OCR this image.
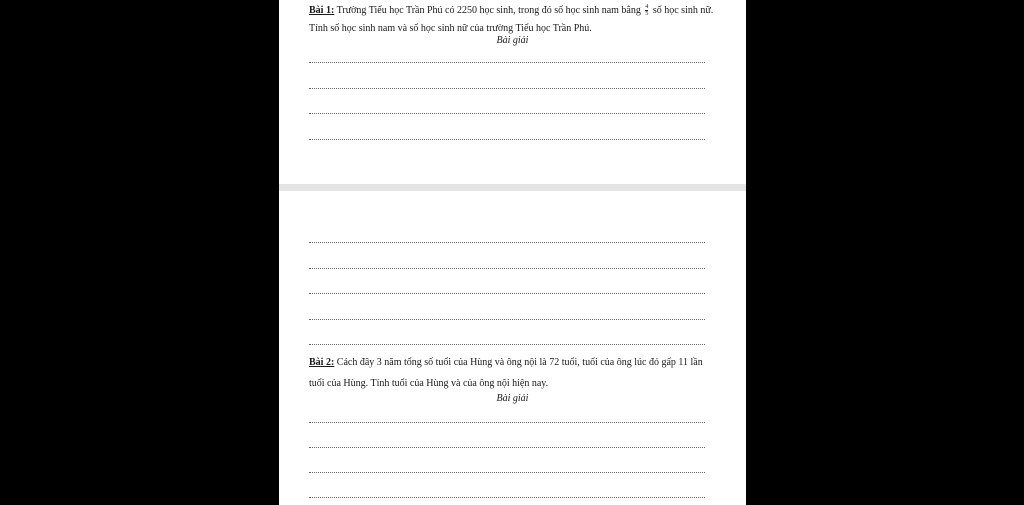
Bài 1: Trường Tiểu học Trần Phú có 2250 học sinh, trong đó số học sinh nam bằng $\frac{4}{5}$ số học sinh nữ. Tính số học sinh nam và số học sinh nữ của trường Tiểu học Trần Phú.
Bài giải
Bài 2: Cách đây 3 năm tổng số tuổi của Hùng và ông nội là 72 tuổi, tuổi của ông lúc đó gấp 11 lần tuổi của Hùng. Tính tuổi của Hùng và của ông nội hiện nay.
Bài giải
